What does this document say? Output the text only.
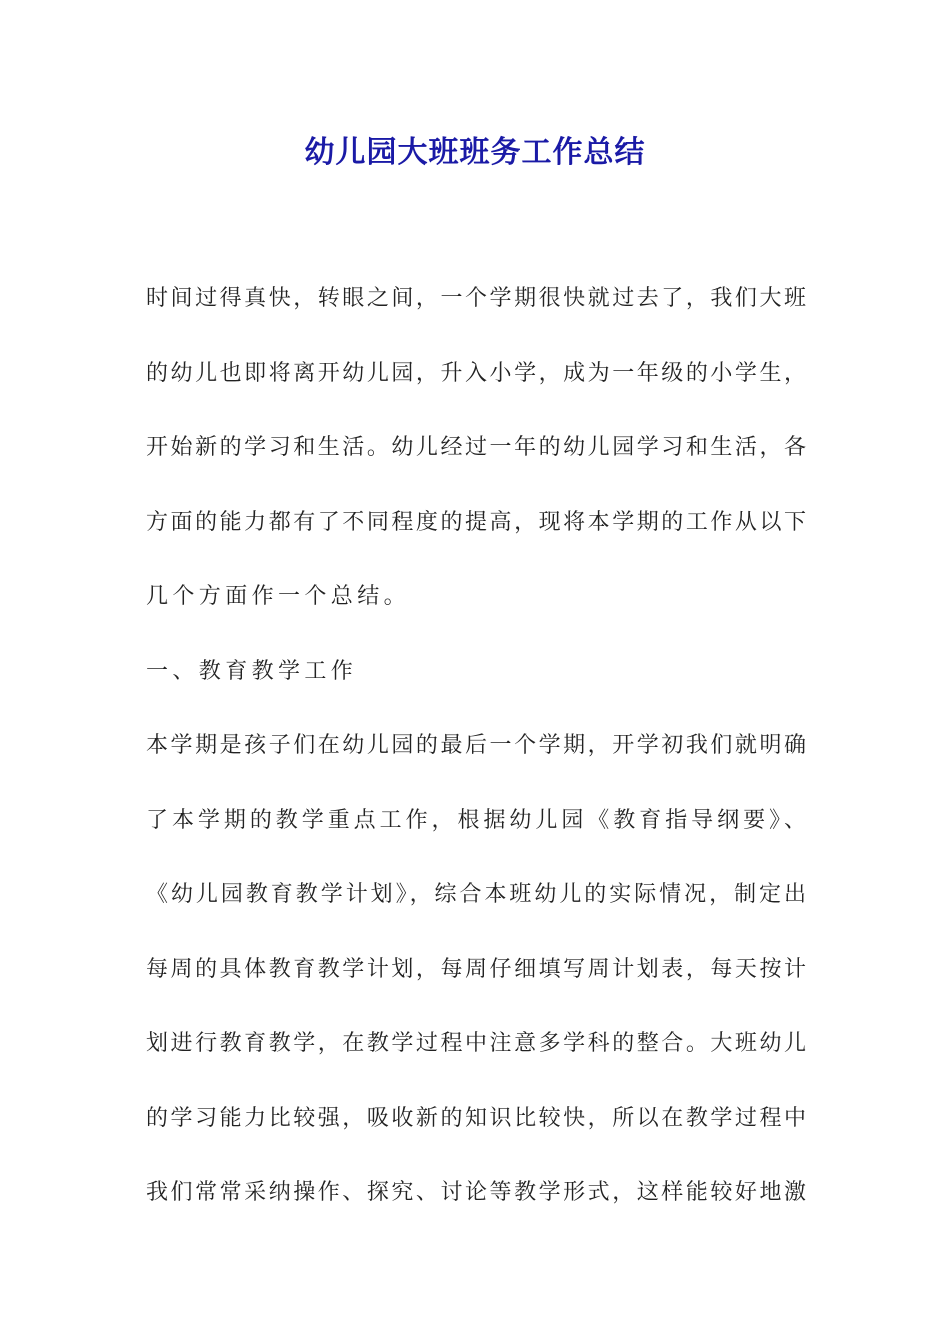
幼儿园大班班务工作总结
时间过得真快，转眼之间，一个学期很快就过去了，我们大班
的幼儿也即将离开幼儿园，升入小学，成为一年级的小学生，
开始新的学习和生活。幼儿经过一年的幼儿园学习和生活，各
方面的能力都有了不同程度的提高，现将本学期的工作从以下
几个方面作一个总结。
一、教育教学工作
本学期是孩子们在幼儿园的最后一个学期，开学初我们就明确
了本学期的教学重点工作，根据幼儿园《教育指导纲要》、
《幼儿园教育教学计划》，综合本班幼儿的实际情况，制定出
每周的具体教育教学计划，每周仔细填写周计划表，每天按计
划进行教育教学，在教学过程中注意多学科的整合。大班幼儿
的学习能力比较强，吸收新的知识比较快，所以在教学过程中
我们常常采纳操作、探究、讨论等教学形式，这样能较好地激
